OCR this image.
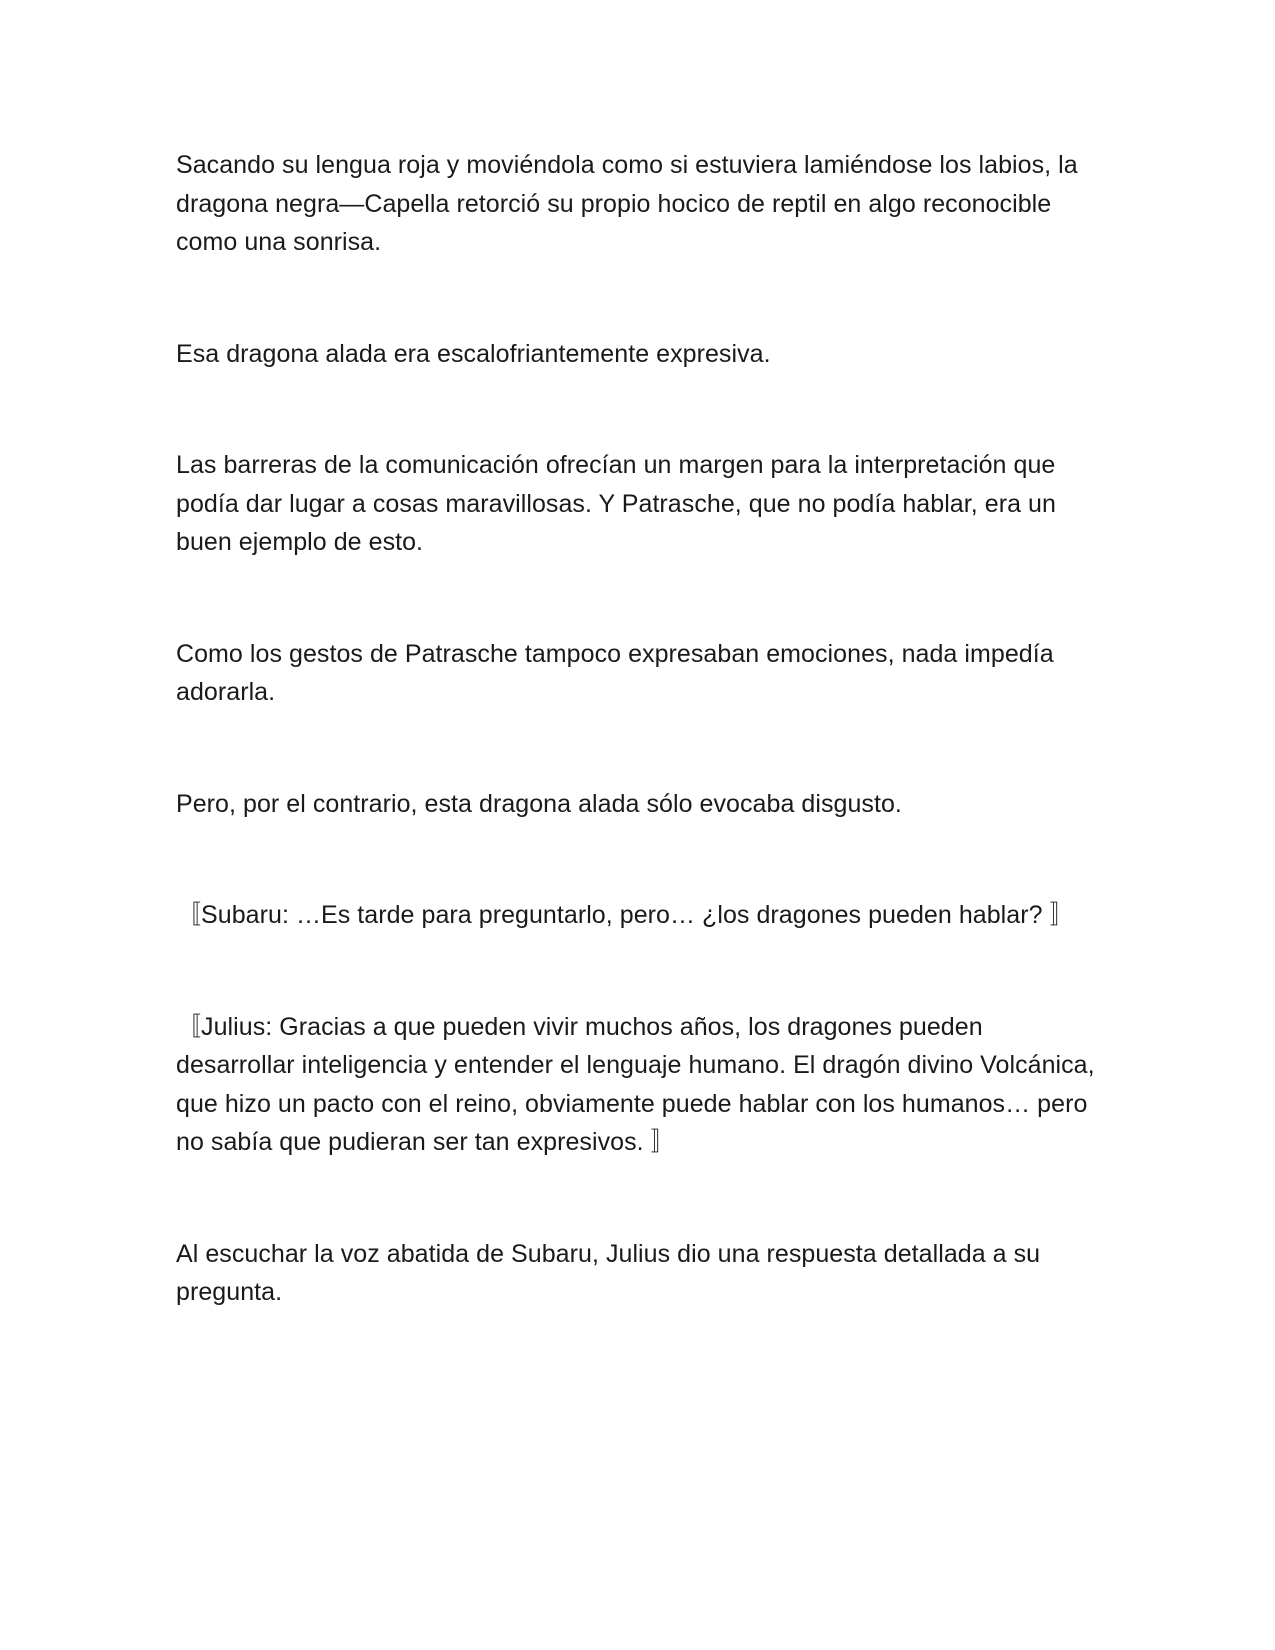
Sacando su lengua roja y moviéndola como si estuviera lamiéndose los labios, la dragona negra—Capella retorció su propio hocico de reptil en algo reconocible como una sonrisa.

Esa dragona alada era escalofriantemente expresiva.

Las barreras de la comunicación ofrecían un margen para la interpretación que podía dar lugar a cosas maravillosas. Y Patrasche, que no podía hablar, era un buen ejemplo de esto.

Como los gestos de Patrasche tampoco expresaban emociones, nada impedía adorarla.

Pero, por el contrario, esta dragona alada sólo evocaba disgusto.

〚Subaru: …Es tarde para preguntarlo, pero… ¿los dragones pueden hablar? 〛

〚Julius: Gracias a que pueden vivir muchos años, los dragones pueden desarrollar inteligencia y entender el lenguaje humano. El dragón divino Volcánica, que hizo un pacto con el reino, obviamente puede hablar con los humanos… pero no sabía que pudieran ser tan expresivos. 〛

Al escuchar la voz abatida de Subaru, Julius dio una respuesta detallada a su pregunta.
